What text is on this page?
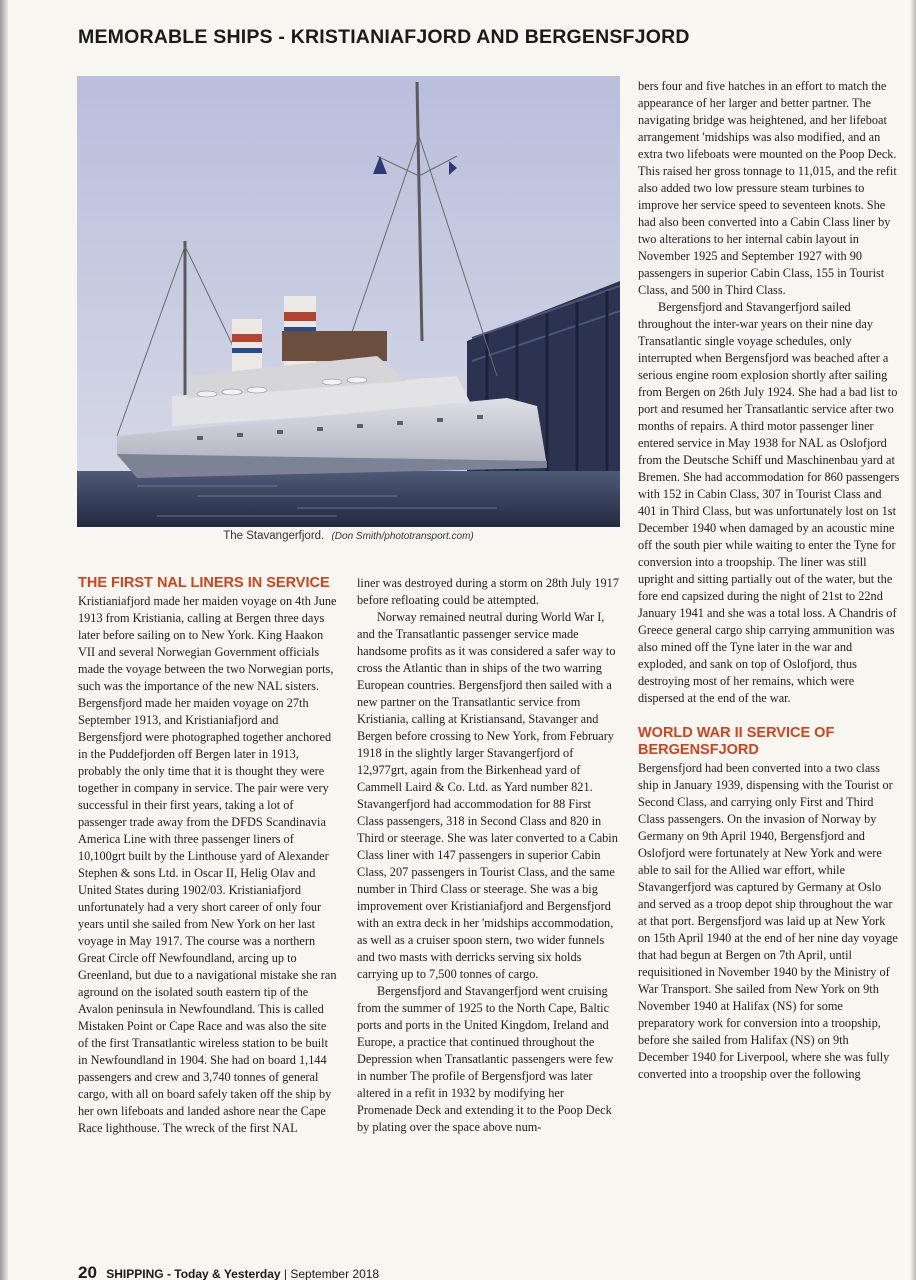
MEMORABLE SHIPS - KRISTIANIAFJORD AND BERGENSFJORD
The Stavangerfjord. (Don Smith/phototransport.com)
THE FIRST NAL LINERS IN SERVICE

Kristianiafjord made her maiden voyage on 4th June 1913 from Kristiania, calling at Bergen three days later before sailing on to New York. King Haakon VII and several Norwegian Government officials made the voyage between the two Norwegian ports, such was the importance of the new NAL sisters. Bergensfjord made her maiden voyage on 27th September 1913, and Kristianiafjord and Bergensfjord were photographed together anchored in the Puddefjorden off Bergen later in 1913, probably the only time that it is thought they were together in company in service. The pair were very successful in their first years, taking a lot of passenger trade away from the DFDS Scandinavia America Line with three passenger liners of 10,100grt built by the Linthouse yard of Alexander Stephen & sons Ltd. in Oscar II, Helig Olav and United States during 1902/03. Kristianiafjord unfortunately had a very short career of only four years until she sailed from New York on her last voyage in May 1917. The course was a northern Great Circle off Newfoundland, arcing up to Greenland, but due to a navigational mistake she ran aground on the isolated south eastern tip of the Avalon peninsula in Newfoundland. This is called Mistaken Point or Cape Race and was also the site of the first Transatlantic wireless station to be built in Newfoundland in 1904. She had on board 1,144 passengers and crew and 3,740 tonnes of general cargo, with all on board safely taken off the ship by her own lifeboats and landed ashore near the Cape Race lighthouse. The wreck of the first NAL

liner was destroyed during a storm on 28th July 1917 before refloating could be attempted.

Norway remained neutral during World War I, and the Transatlantic passenger service made handsome profits as it was considered a safer way to cross the Atlantic than in ships of the two warring European countries. Bergensfjord then sailed with a new partner on the Transatlantic service from Kristiania, calling at Kristiansand, Stavanger and Bergen before crossing to New York, from February 1918 in the slightly larger Stavangerfjord of 12,977grt, again from the Birkenhead yard of Cammell Laird & Co. Ltd. as Yard number 821. Stavangerfjord had accommodation for 88 First Class passengers, 318 in Second Class and 820 in Third or steerage. She was later converted to a Cabin Class liner with 147 passengers in superior Cabin Class, 207 passengers in Tourist Class, and the same number in Third Class or steerage. She was a big improvement over Kristianiafjord and Bergensfjord with an extra deck in her 'midships accommodation, as well as a cruiser spoon stern, two wider funnels and two masts with derricks serving six holds carrying up to 7,500 tonnes of cargo.

Bergensfjord and Stavangerfjord went cruising from the summer of 1925 to the North Cape, Baltic ports and ports in the United Kingdom, Ireland and Europe, a practice that continued throughout the Depression when Transatlantic passengers were few in number The profile of Bergensfjord was later altered in a refit in 1932 by modifying her Promenade Deck and extending it to the Poop Deck by plating over the space above num-

bers four and five hatches in an effort to match the appearance of her larger and better partner. The navigating bridge was heightened, and her lifeboat arrangement 'midships was also modified, and an extra two lifeboats were mounted on the Poop Deck. This raised her gross tonnage to 11,015, and the refit also added two low pressure steam turbines to improve her service speed to seventeen knots. She had also been converted into a Cabin Class liner by two alterations to her internal cabin layout in November 1925 and September 1927 with 90 passengers in superior Cabin Class, 155 in Tourist Class, and 500 in Third Class.

Bergensfjord and Stavangerfjord sailed throughout the inter-war years on their nine day Transatlantic single voyage schedules, only interrupted when Bergensfjord was beached after a serious engine room explosion shortly after sailing from Bergen on 26th July 1924. She had a bad list to port and resumed her Transatlantic service after two months of repairs. A third motor passenger liner entered service in May 1938 for NAL as Oslofjord from the Deutsche Schiff und Maschinenbau yard at Bremen. She had accommodation for 860 passengers with 152 in Cabin Class, 307 in Tourist Class and 401 in Third Class, but was unfortunately lost on 1st December 1940 when damaged by an acoustic mine off the south pier while waiting to enter the Tyne for conversion into a troopship. The liner was still upright and sitting partially out of the water, but the fore end capsized during the night of 21st to 22nd January 1941 and she was a total loss. A Chandris of Greece general cargo ship carrying ammunition was also mined off the Tyne later in the war and exploded, and sank on top of Oslofjord, thus destroying most of her remains, which were dispersed at the end of the war.

WORLD WAR II SERVICE OF BERGENSFJORD

Bergensfjord had been converted into a two class ship in January 1939, dispensing with the Tourist or Second Class, and carrying only First and Third Class passengers. On the invasion of Norway by Germany on 9th April 1940, Bergensfjord and Oslofjord were fortunately at New York and were able to sail for the Allied war effort, while Stavangerfjord was captured by Germany at Oslo and served as a troop depot ship throughout the war at that port. Bergensfjord was laid up at New York on 15th April 1940 at the end of her nine day voyage that had begun at Bergen on 7th April, until requisitioned in November 1940 by the Ministry of War Transport. She sailed from New York on 9th November 1940 at Halifax (NS) for some preparatory work for conversion into a troopship, before she sailed from Halifax (NS) on 9th December 1940 for Liverpool, where she was fully converted into a troopship over the following

20 SHIPPING - Today & Yesterday | September 2018
